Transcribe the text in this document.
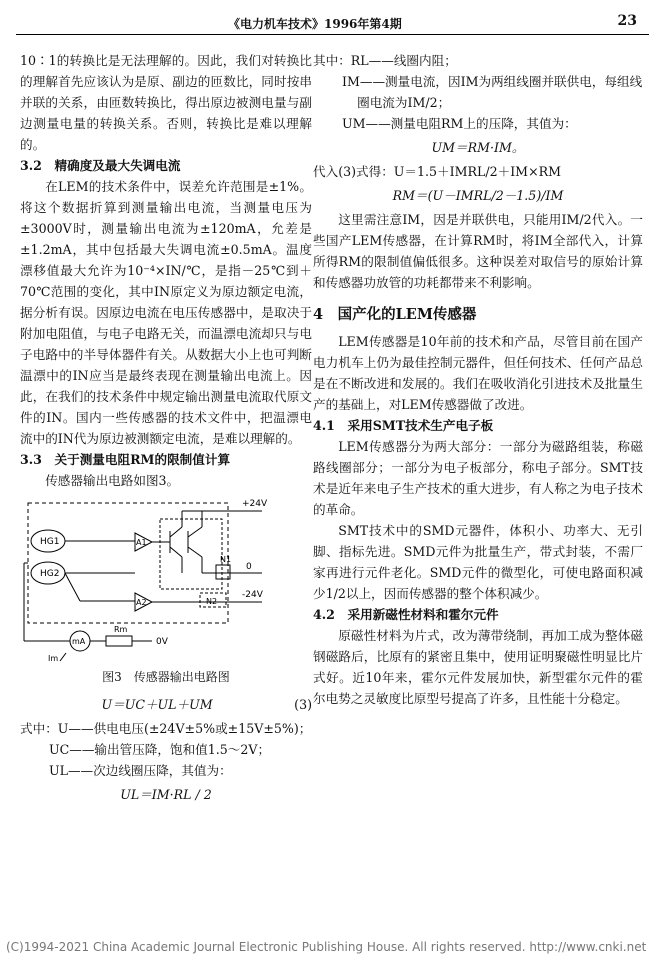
《电力机车技术》1996年第4期	23

10∶1的转换比是无法理解的。因此，我们对转换比的理解首先应该认为是原、副边的匝数比，同时按串并联的关系，由匝数转换比，得出原边被测电量与副边测量电量的转换关系。否则，转换比是难以理解的。

3.2　精确度及最大失调电流

在LEM的技术条件中，误差允许范围是±1%。将这个数据折算到测量输出电流，当测量电压为±3000V时，测量输出电流为±120mA，允差是±1.2mA，其中包括最大失调电流±0.5mA。温度漂移值最大允许为10⁻⁴×IN/℃，是指－25℃到＋70℃范围的变化，其中IN原定义为原边额定电流，据分析有误。因原边电流在电压传感器中，是取决于附加电阻值，与电子电路无关，而温漂电流却只与电子电路中的半导体器件有关。从数据大小上也可判断温漂中的IN应当是最终表现在测量输出电流上。因此，在我们的技术条件中规定输出测量电流取代原文件的IN。国内一些传感器的技术文件中，把温漂电流中的IN代为原边被测额定电流，是难以理解的。

3.3　关于测量电阻RM的限制值计算

传感器输出电路如图3。

HG1
HG2
A1
A2
+24V
-24V
N1
0
N2
mA
Rm
0V
Im

图3　传感器输出电路图

U＝UC＋UL＋UM	(3)

式中：U——供电电压(±24V±5%或±15V±5%)；

UC——输出管压降，饱和值1.5～2V；

UL——次边线圈压降，其值为：

UL＝IM·RL / 2

其中：RL——线圈内阻；

IM——测量电流，因IM为两组线圈并联供电，每组线圈电流为IM/2；

UM——测量电阻RM上的压降，其值为：

UM＝RM·IM。

代入(3)式得：U＝1.5＋IMRL/2＋IM×RM

RM＝(U－IMRL/2－1.5)/IM

这里需注意IM，因是并联供电，只能用IM/2代入。一些国产LEM传感器，在计算RM时，将IM全部代入，计算所得RM的限制值偏低很多。这种误差对取信号的原始计算和传感器功放管的功耗都带来不利影响。

4　国产化的LEM传感器

LEM传感器是10年前的技术和产品，尽管目前在国产电力机车上仍为最佳控制元器件，但任何技术、任何产品总是在不断改进和发展的。我们在吸收消化引进技术及批量生产的基础上，对LEM传感器做了改进。

4.1　采用SMT技术生产电子板

LEM传感器分为两大部分：一部分为磁路组装，称磁路线圈部分；一部分为电子板部分，称电子部分。SMT技术是近年来电子生产技术的重大进步，有人称之为电子技术的革命。

SMT技术中的SMD元器件，体积小、功率大、无引脚、指标先进。SMD元件为批量生产，带式封装，不需厂家再进行元件老化。SMD元件的微型化，可使电路面积减少1/2以上，因而传感器的整个体积减少。

4.2　采用新磁性材料和霍尔元件

原磁性材料为片式，改为薄带绕制，再加工成为整体磁钢磁路后，比原有的紧密且集中，使用证明聚磁性明显比片式好。近10年来，霍尔元件发展加快，新型霍尔元件的霍尔电势之灵敏度比原型号提高了许多，且性能十分稳定。

(C)1994-2021 China Academic Journal Electronic Publishing House. All rights reserved. http://www.cnki.net
